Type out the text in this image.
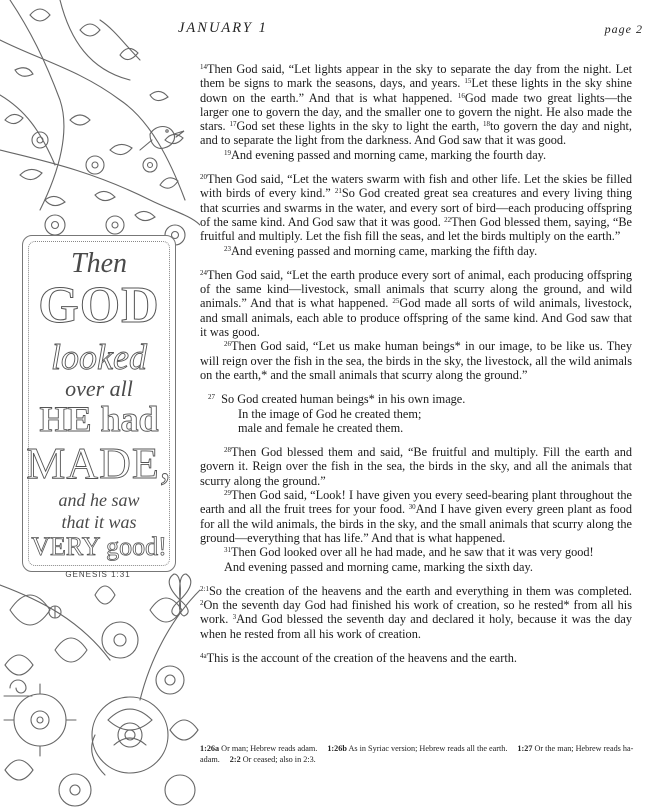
JANUARY 1	page 2
Then
GOD
looked
over all
HE had
MADE,
and he saw
that it was
VERY good!
GENESIS 1:31

$^{14}$Then God said, “Let lights appear in the sky to separate the day from the night. Let them be signs to mark the seasons, days, and years. $^{15}$Let these lights in the sky shine down on the earth.” And that is what happened. $^{16}$God made two great lights—the larger one to govern the day, and the smaller one to govern the night. He also made the stars. $^{17}$God set these lights in the sky to light the earth, $^{18}$to govern the day and night, and to separate the light from the darkness. And God saw that it was good.

$^{19}$And evening passed and morning came, marking the fourth day.

$^{20}$Then God said, “Let the waters swarm with fish and other life. Let the skies be filled with birds of every kind.” $^{21}$So God created great sea creatures and every living thing that scurries and swarms in the water, and every sort of bird—each producing offspring of the same kind. And God saw that it was good. $^{22}$Then God blessed them, saying, “Be fruitful and multiply. Let the fish fill the seas, and let the birds multiply on the earth.”

$^{23}$And evening passed and morning came, marking the fifth day.

$^{24}$Then God said, “Let the earth produce every sort of animal, each producing offspring of the same kind—livestock, small animals that scurry along the ground, and wild animals.” And that is what happened. $^{25}$God made all sorts of wild animals, livestock, and small animals, each able to produce offspring of the same kind. And God saw that it was good.

$^{26}$Then God said, “Let us make human beings* in our image, to be like us. They will reign over the fish in the sea, the birds in the sky, the livestock, all the wild animals on the earth,* and the small animals that scurry along the ground.”

$^{27}$ So God created human beings* in his own image.
In the image of God he created them;
male and female he created them.

$^{28}$Then God blessed them and said, “Be fruitful and multiply. Fill the earth and govern it. Reign over the fish in the sea, the birds in the sky, and all the animals that scurry along the ground.”

$^{29}$Then God said, “Look! I have given you every seed-bearing plant throughout the earth and all the fruit trees for your food. $^{30}$And I have given every green plant as food for all the wild animals, the birds in the sky, and the small animals that scurry along the ground—everything that has life.” And that is what happened.

$^{31}$Then God looked over all he had made, and he saw that it was very good!

And evening passed and morning came, marking the sixth day.

$^{2:1}$So the creation of the heavens and the earth and everything in them was completed. $^2$On the seventh day God had finished his work of creation, so he rested* from all his work. $^3$And God blessed the seventh day and declared it holy, because it was the day when he rested from all his work of creation.

$^{4a}$This is the account of the creation of the heavens and the earth.

1:26a Or man; Hebrew reads adam. 1:26b As in Syriac version; Hebrew reads all the earth. 1:27 Or the man; Hebrew reads ha-adam. 2:2 Or ceased; also in 2:3.
